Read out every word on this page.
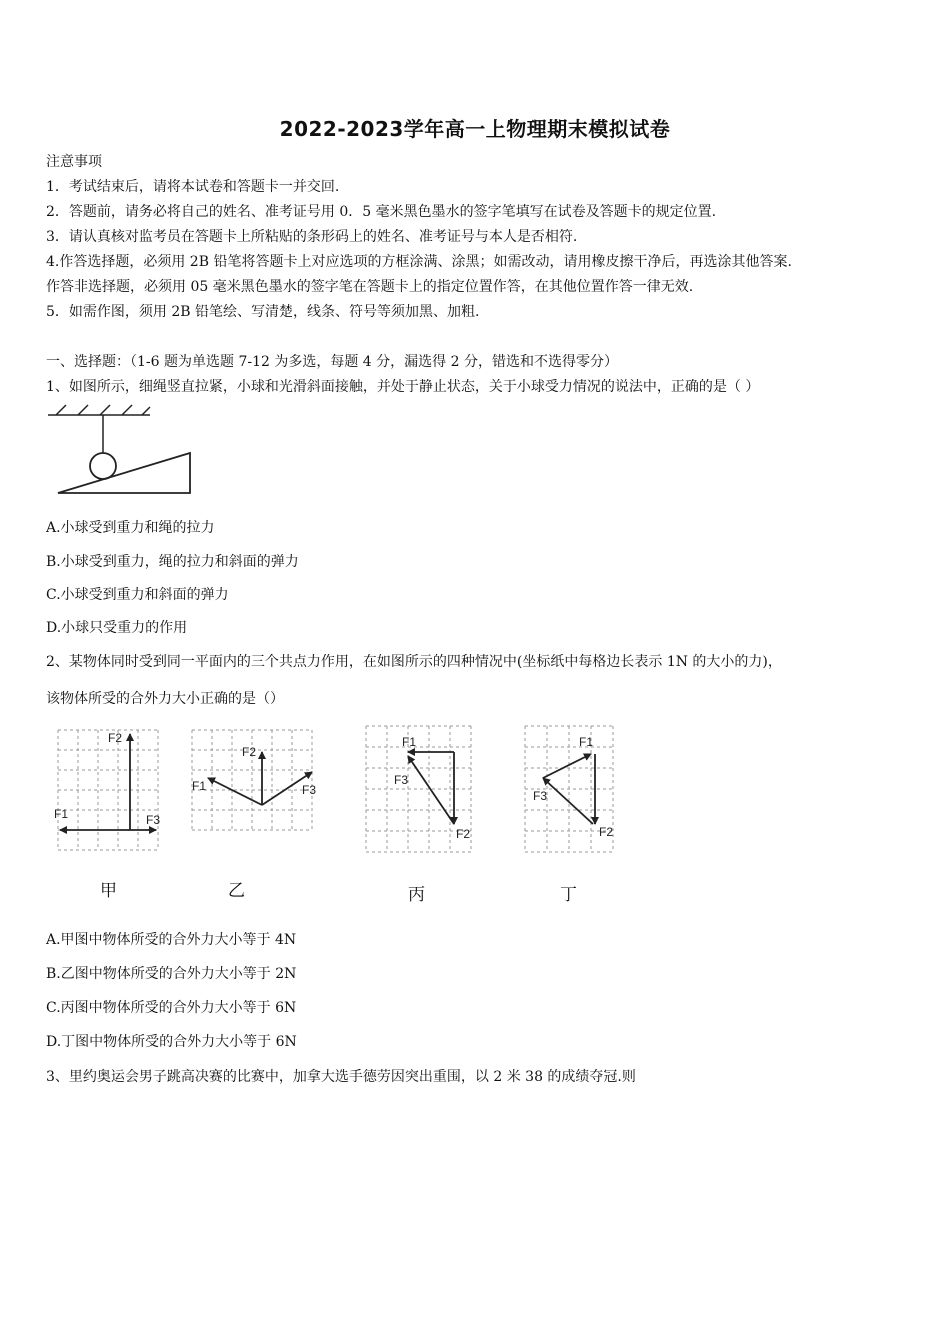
2022-2023学年高一上物理期末模拟试卷
注意事项
1．考试结束后，请将本试卷和答题卡一并交回.
2．答题前，请务必将自己的姓名、准考证号用 0．5 毫米黑色墨水的签字笔填写在试卷及答题卡的规定位置.
3．请认真核对监考员在答题卡上所粘贴的条形码上的姓名、准考证号与本人是否相符.
4.作答选择题，必须用 2B 铅笔将答题卡上对应选项的方框涂满、涂黑；如需改动，请用橡皮擦干净后，再选涂其他答案.
作答非选择题，必须用 05 毫米黑色墨水的签字笔在答题卡上的指定位置作答，在其他位置作答一律无效.
5．如需作图，须用 2B 铅笔绘、写清楚，线条、符号等须加黑、加粗.
一、选择题：（1-6 题为单选题 7-12 为多选，每题 4 分，漏选得 2 分，错选和不选得零分）
1、如图所示，细绳竖直拉紧，小球和光滑斜面接触，并处于静止状态，关于小球受力情况的说法中，正确的是（ ）
A.小球受到重力和绳的拉力
B.小球受到重力，绳的拉力和斜面的弹力
C.小球受到重力和斜面的弹力
D.小球只受重力的作用
2、某物体同时受到同一平面内的三个共点力作用，在如图所示的四种情况中(坐标纸中每格边长表示 1N 的大小的力)，
该物体所受的合外力大小正确的是（）
F2
F1	F3
F2
F1	F3
F1
F3
F2
F1
F3
F2
甲	乙	丙	丁
A.甲图中物体所受的合外力大小等于 4N
B.乙图中物体所受的合外力大小等于 2N
C.丙图中物体所受的合外力大小等于 6N
D.丁图中物体所受的合外力大小等于 6N
3、里约奥运会男子跳高决赛的比赛中，加拿大选手德劳因突出重围，以 2 米 38 的成绩夺冠.则
